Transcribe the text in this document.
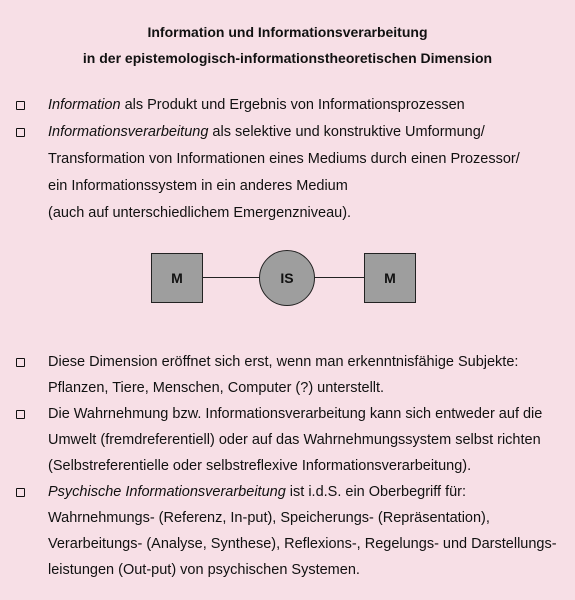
Information und Informationsverarbeitung
in der epistemologisch-informationstheoretischen Dimension
Information als Produkt und Ergebnis von Informationsprozessen
Informationsverarbeitung als selektive und konstruktive Umformung/
Transformation von Informationen eines Mediums durch einen Prozessor/
ein Informationssystem in ein anderes Medium
(auch auf unterschiedlichem Emergenzniveau).
M	IS	M
Diese Dimension eröffnet sich erst, wenn man erkenntnisfähige Subjekte:
Pflanzen, Tiere, Menschen, Computer (?) unterstellt.
Die Wahrnehmung bzw. Informationsverarbeitung kann sich entweder auf die
Umwelt (fremdreferentiell) oder auf das Wahrnehmungssystem selbst richten
(Selbstreferentielle oder selbstreflexive Informationsverarbeitung).
Psychische Informationsverarbeitung ist i.d.S. ein Oberbegriff für:
Wahrnehmungs- (Referenz, In-put), Speicherungs- (Repräsentation),
Verarbeitungs- (Analyse, Synthese), Reflexions-, Regelungs- und Darstellungs-
leistungen (Out-put) von psychischen Systemen.
